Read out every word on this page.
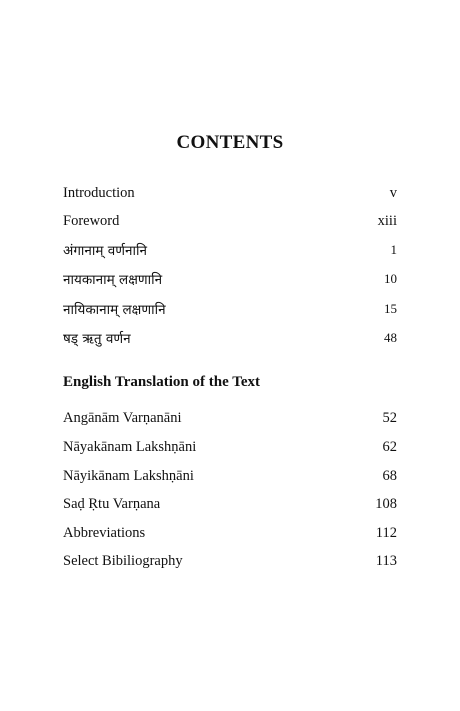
CONTENTS
Introduction	v
Foreword	xiii
अंगानाम् वर्णनानि	1
नायकानाम् लक्षणानि	10
नायिकानाम् लक्षणानि	15
षड् ऋतु वर्णन	48
English Translation of the Text
Angānām Varṇanāni	52
Nāyakānam Lakshṇāni	62
Nāyikānam Lakshṇāni	68
Saḍ Ṛtu Varṇana	108
Abbreviations	112
Select Bibiliography	113
